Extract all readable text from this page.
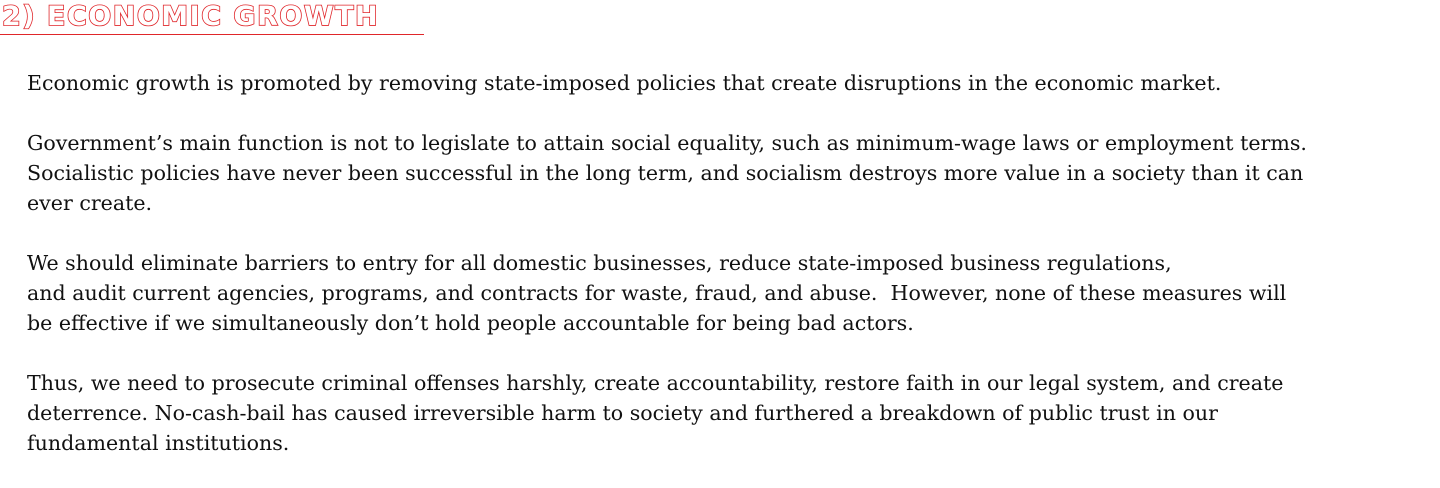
2) ECONOMIC GROWTH

Economic growth is promoted by removing state-imposed policies that create disruptions in the economic market.

Government’s main function is not to legislate to attain social equality, such as minimum-wage laws or employment terms.
Socialistic policies have never been successful in the long term, and socialism destroys more value in a society than it can
ever create.

We should eliminate barriers to entry for all domestic businesses, reduce state-imposed business regulations,
and audit current agencies, programs, and contracts for waste, fraud, and abuse.  However, none of these measures will
be effective if we simultaneously don’t hold people accountable for being bad actors.

Thus, we need to prosecute criminal offenses harshly, create accountability, restore faith in our legal system, and create
deterrence. No-cash-bail has caused irreversible harm to society and furthered a breakdown of public trust in our
fundamental institutions.
